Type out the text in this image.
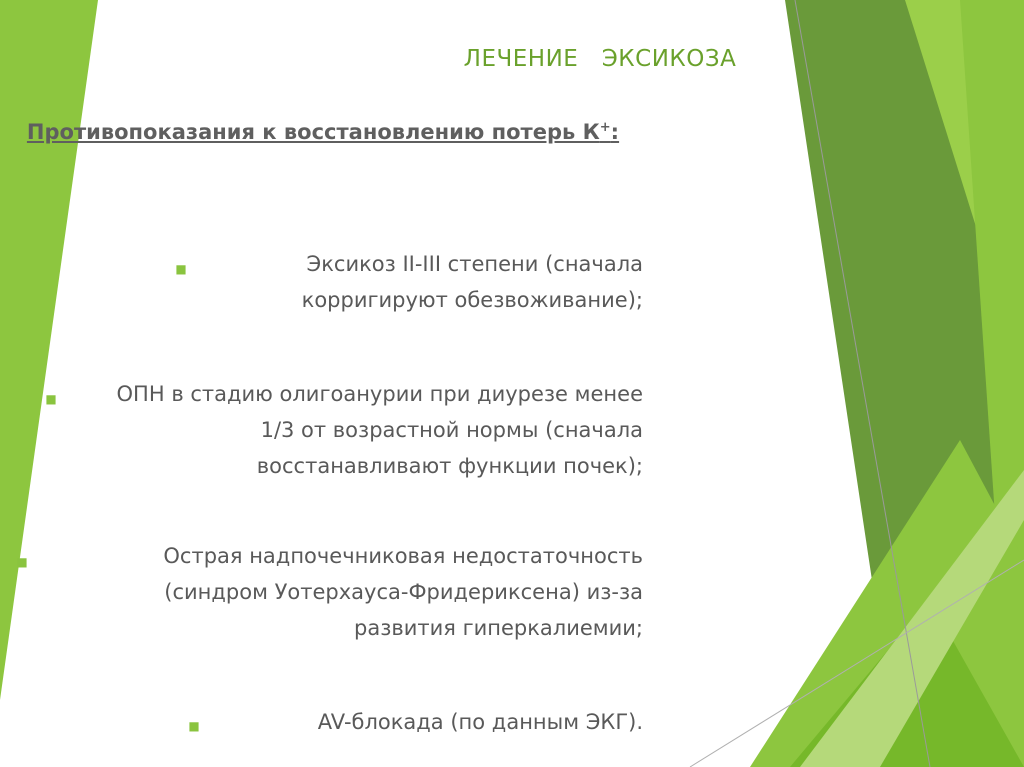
ЛЕЧЕНИЕ   ЭКСИКОЗА
Противопоказания к восстановлению потерь К+:
■	Эксикоз II-III степени (сначала корригируют обезвоживание);
■	ОПН в стадию олигоанурии при диурезе менее 1/3 от возрастной нормы (сначала восстанавливают функции почек);
■	Острая надпочечниковая недостаточность (синдром Уотерхауса-Фридериксена) из-за развития гиперкалиемии;
■	AV-блокада (по данным ЭКГ).
